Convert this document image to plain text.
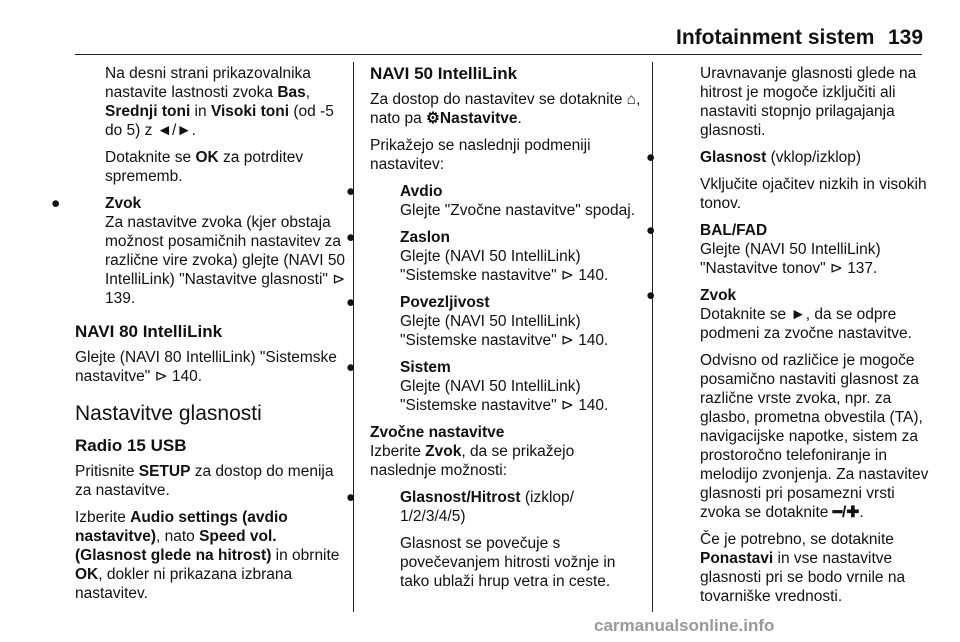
Infotainment sistem 139
Na desni strani prikazovalnika nastavite lastnosti zvoka Bas, Srednji toni in Visoki toni (od -5 do 5) z ◄/►.
Dotaknite se OK za potrditev sprememb.
●	Zvok
Za nastavitve zvoka (kjer obstaja možnost posamičnih nastavitev za različne vire zvoka) glejte (NAVI 50 IntelliLink) "Nastavitve glasnosti" ⊳ 139.
NAVI 80 IntelliLink
Glejte (NAVI 80 IntelliLink) "Sistemske nastavitve" ⊳ 140.
Nastavitve glasnosti
Radio 15 USB
Pritisnite SETUP za dostop do menija za nastavitve.
Izberite Audio settings (avdio nastavitve), nato Speed vol. (Glasnost glede na hitrost) in obrnite OK, dokler ni prikazana izbrana nastavitev.
NAVI 50 IntelliLink
Za dostop do nastavitev se dotaknite ⌂, nato pa ⚙Nastavitve.
Prikažejo se naslednji podmeniji nastavitev:
●	Avdio
Glejte "Zvočne nastavitve" spodaj.
●	Zaslon
Glejte (NAVI 50 IntelliLink) "Sistemske nastavitve" ⊳ 140.
●	Povezljivost
Glejte (NAVI 50 IntelliLink) "Sistemske nastavitve" ⊳ 140.
●	Sistem
Glejte (NAVI 50 IntelliLink) "Sistemske nastavitve" ⊳ 140.
Zvočne nastavitve
Izberite Zvok, da se prikažejo naslednje možnosti:
●	Glasnost/Hitrost (izklop/ 1/2/3/4/5)
Glasnost se povečuje s povečevanjem hitrosti vožnje in tako ublaži hrup vetra in ceste.
Uravnavanje glasnosti glede na hitrost je mogoče izključiti ali nastaviti stopnjo prilagajanja glasnosti.
●	Glasnost (vklop/izklop)
Vključite ojačitev nizkih in visokih tonov.
●	BAL/FAD
Glejte (NAVI 50 IntelliLink) "Nastavitve tonov" ⊳ 137.
●	Zvok
Dotaknite se ►, da se odpre podmeni za zvočne nastavitve.
Odvisno od različice je mogoče posamično nastaviti glasnost za različne vrste zvoka, npr. za glasbo, prometna obvestila (TA), navigacijske napotke, sistem za prostoročno telefoniranje in melodijo zvonjenja. Za nastavitev glasnosti pri posamezni vrsti zvoka se dotaknite ━/✚.
Če je potrebno, se dotaknite Ponastavi in vse nastavitve glasnosti pri se bodo vrnile na tovarniške vrednosti.
carmanualsonline.info
